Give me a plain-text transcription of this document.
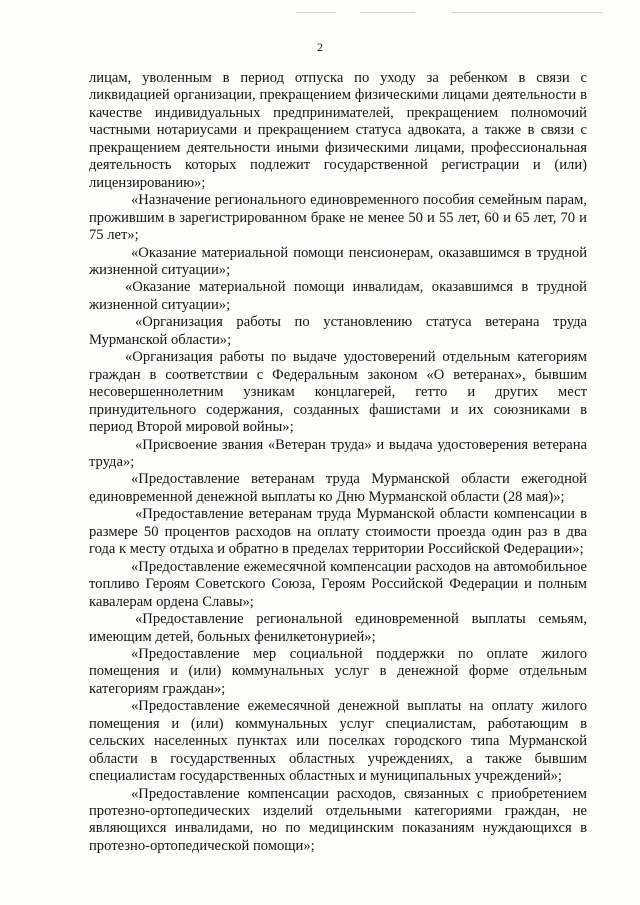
2

лицам, уволенным в период отпуска по уходу за ребенком в связи с ликвидацией организации, прекращением физическими лицами деятельности в качестве индивидуальных предпринимателей, прекращением полномочий частными нотариусами и прекращением статуса адвоката, а также в связи с прекращением деятельности иными физическими лицами, профессиональная деятельность которых подлежит государственной регистрации и (или) лицензированию»;

«Назначение регионального единовременного пособия семейным парам, прожившим в зарегистрированном браке не менее 50 и 55 лет, 60 и 65 лет, 70 и 75 лет»;

«Оказание материальной помощи пенсионерам, оказавшимся в трудной жизненной ситуации»;

«Оказание материальной помощи инвалидам, оказавшимся в трудной жизненной ситуации»;

«Организация работы по установлению статуса ветерана труда Мурманской области»;

«Организация работы по выдаче удостоверений отдельным категориям граждан в соответствии с Федеральным законом «О ветеранах», бывшим несовершеннолетним узникам концлагерей, гетто и других мест принудительного содержания, созданных фашистами и их союзниками в период Второй мировой войны»;

«Присвоение звания «Ветеран труда» и выдача удостоверения ветерана труда»;

«Предоставление ветеранам труда Мурманской области ежегодной единовременной денежной выплаты ко Дню Мурманской области (28 мая)»;

«Предоставление ветеранам труда Мурманской области компенсации в размере 50 процентов расходов на оплату стоимости проезда один раз в два года к месту отдыха и обратно в пределах территории Российской Федерации»;

«Предоставление ежемесячной компенсации расходов на автомобильное топливо Героям Советского Союза, Героям Российской Федерации и полным кавалерам ордена Славы»;

«Предоставление региональной единовременной выплаты семьям, имеющим детей, больных фенилкетонурией»;

«Предоставление мер социальной поддержки по оплате жилого помещения и (или) коммунальных услуг в денежной форме отдельным категориям граждан»;

«Предоставление ежемесячной денежной выплаты на оплату жилого помещения и (или) коммунальных услуг специалистам, работающим в сельских населенных пунктах или поселках городского типа Мурманской области в государственных областных учреждениях, а также бывшим специалистам государственных областных и муниципальных учреждений»;

«Предоставление компенсации расходов, связанных с приобретением протезно-ортопедических изделий отдельными категориями граждан, не являющихся инвалидами, но по медицинским показаниям нуждающихся в протезно-ортопедической помощи»;
